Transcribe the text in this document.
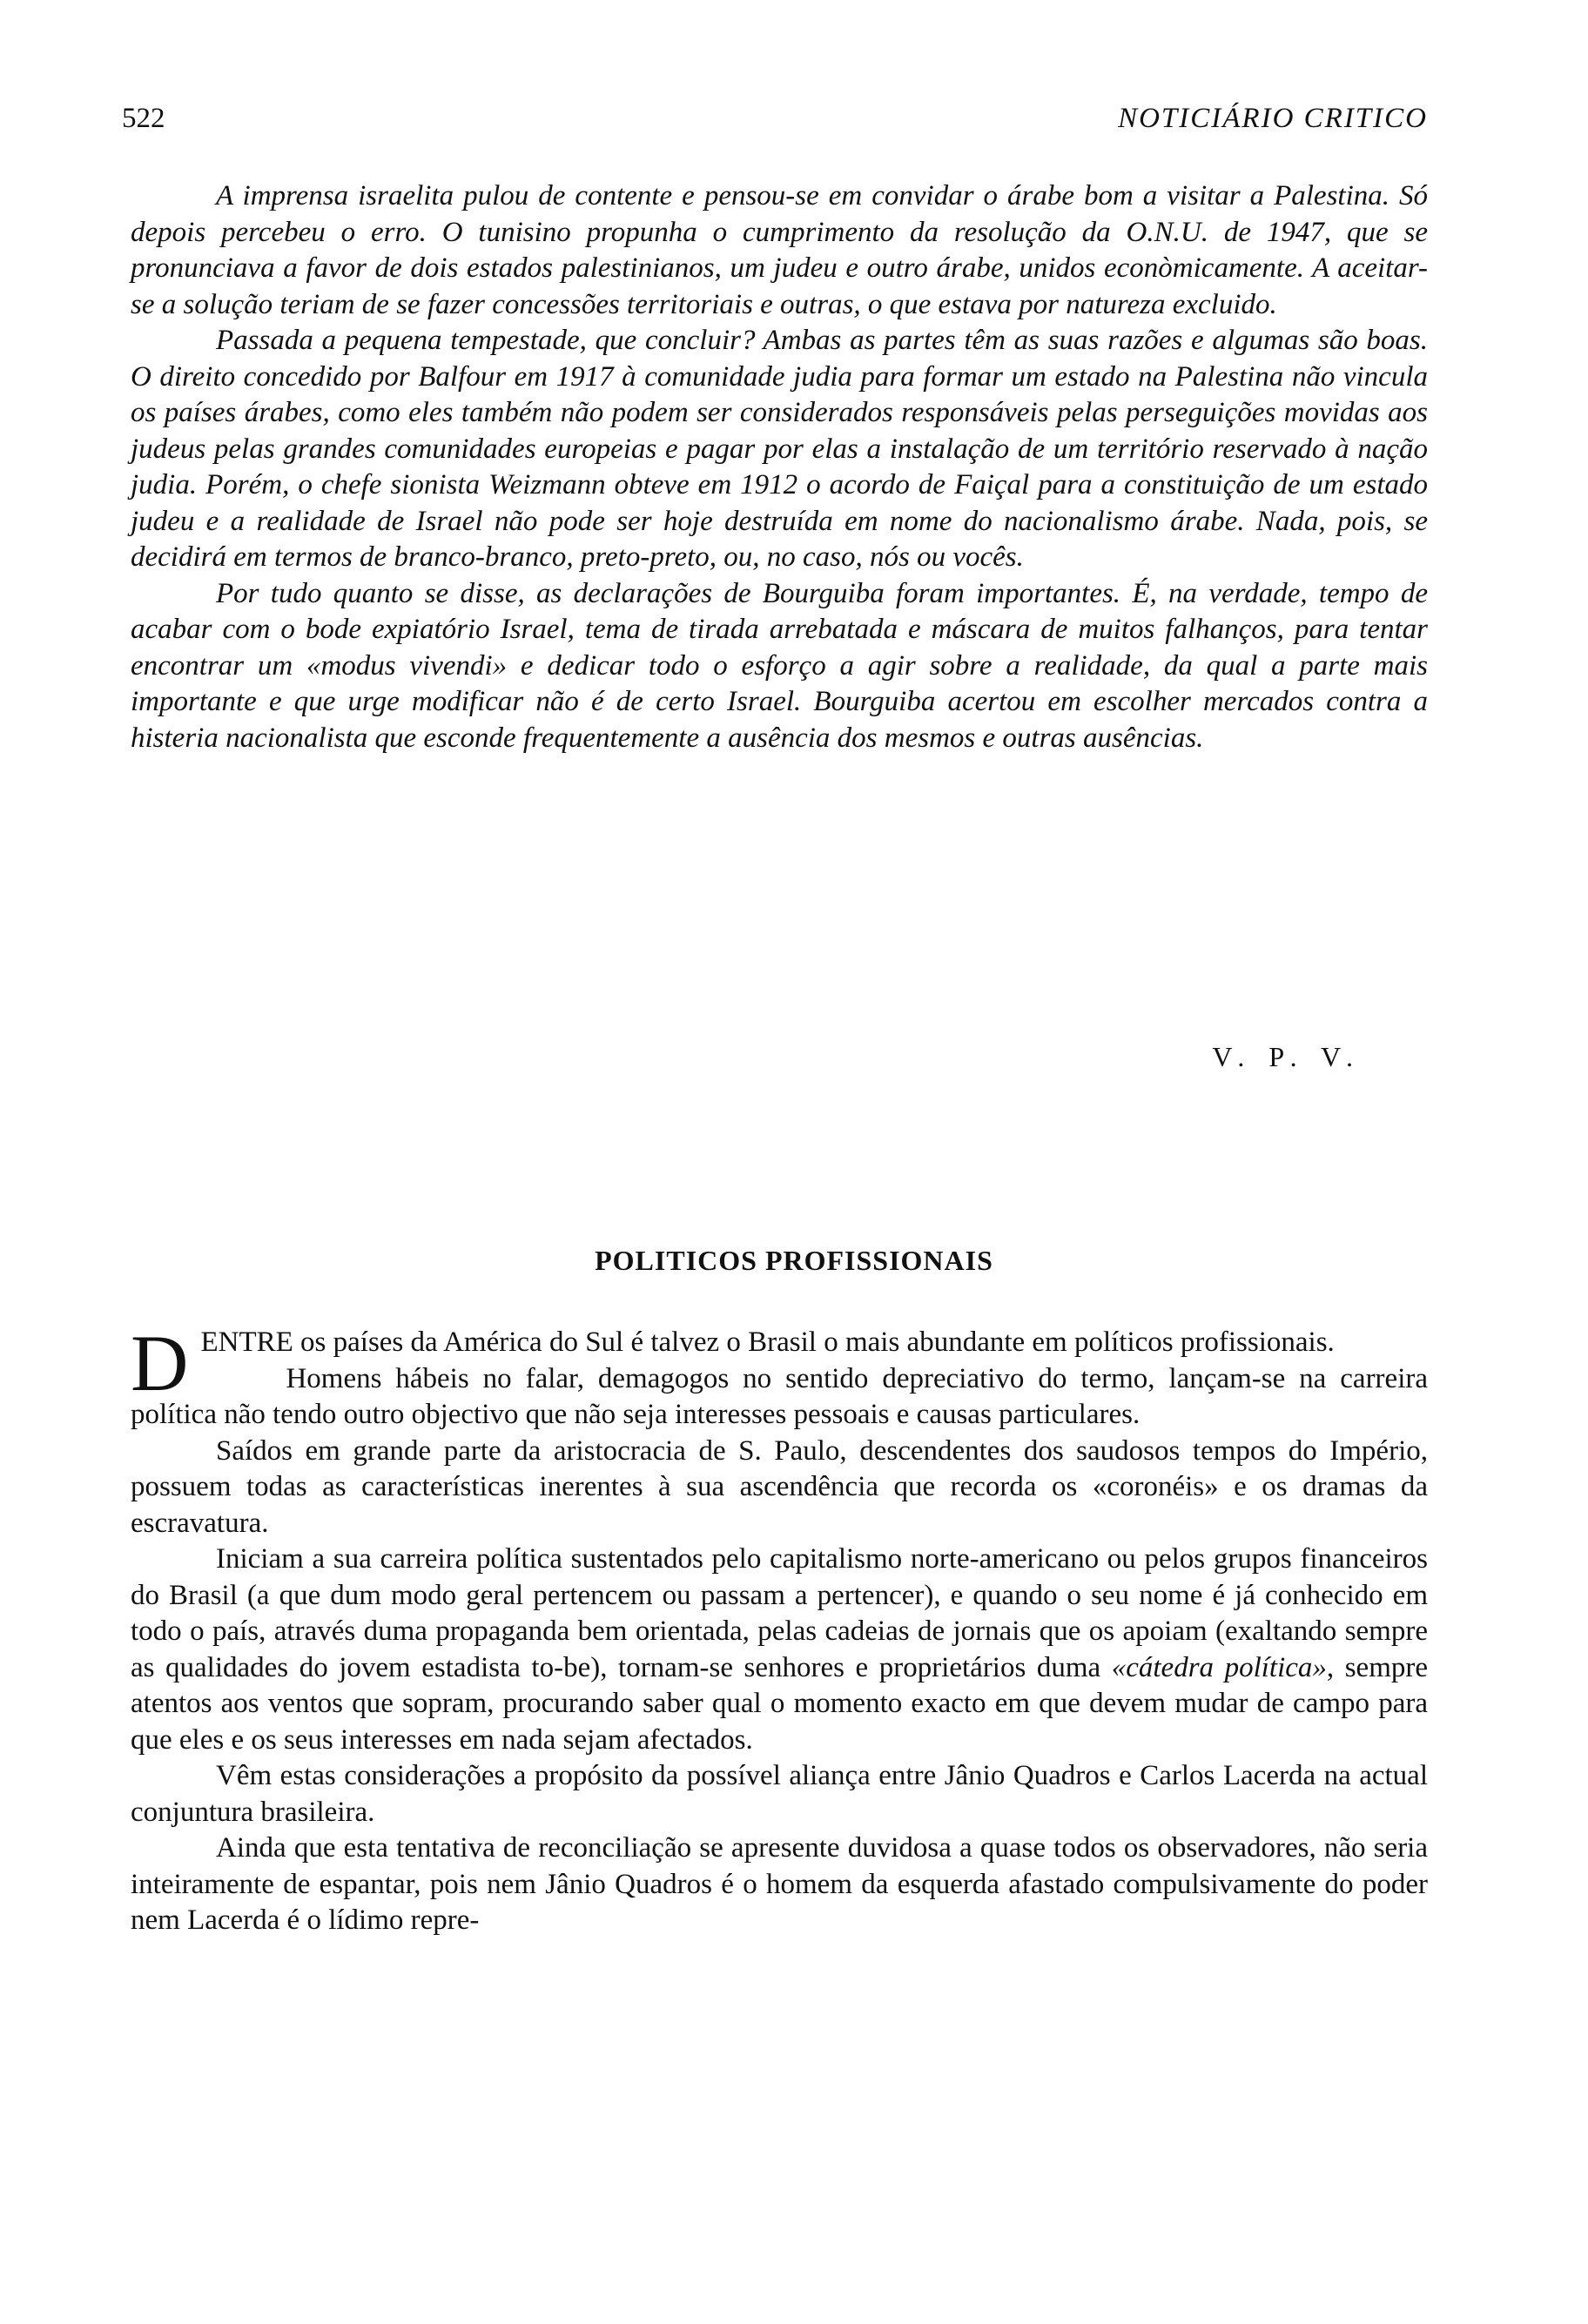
522	NOTICIÁRIO CRITICO

A imprensa israelita pulou de contente e pensou-se em convidar o árabe bom a visitar a Palestina. Só depois percebeu o erro. O tunisino propunha o cumprimento da resolução da O.N.U. de 1947, que se pronunciava a favor de dois estados palestinianos, um judeu e outro árabe, unidos econòmicamente. A aceitar-se a solução teriam de se fazer concessões territoriais e outras, o que estava por natureza excluido.

Passada a pequena tempestade, que concluir? Ambas as partes têm as suas razões e algumas são boas. O direito concedido por Balfour em 1917 à comunidade judia para formar um estado na Palestina não vincula os países árabes, como eles também não podem ser considerados responsáveis pelas perseguições movidas aos judeus pelas grandes comunidades europeias e pagar por elas a instalação de um território reservado à nação judia. Porém, o chefe sionista Weizmann obteve em 1912 o acordo de Faiçal para a constituição de um estado judeu e a realidade de Israel não pode ser hoje destruída em nome do nacionalismo árabe. Nada, pois, se decidirá em termos de branco-branco, preto-preto, ou, no caso, nós ou vocês.

Por tudo quanto se disse, as declarações de Bourguiba foram importantes. É, na verdade, tempo de acabar com o bode expiatório Israel, tema de tirada arrebatada e máscara de muitos falhanços, para tentar encontrar um «modus vivendi» e dedicar todo o esforço a agir sobre a realidade, da qual a parte mais importante e que urge modificar não é de certo Israel. Bourguiba acertou em escolher mercados contra a histeria nacionalista que esconde frequentemente a ausência dos mesmos e outras ausências.

V. P. V.
POLITICOS PROFISSIONAIS

DENTRE os países da América do Sul é talvez o Brasil o mais abundante em políticos profissionais.

Homens hábeis no falar, demagogos no sentido depreciativo do termo, lançam-se na carreira política não tendo outro objectivo que não seja interesses pessoais e causas particulares.

Saídos em grande parte da aristocracia de S. Paulo, descendentes dos saudosos tempos do Império, possuem todas as características inerentes à sua ascendência que recorda os «coronéis» e os dramas da escravatura.

Iniciam a sua carreira política sustentados pelo capitalismo norte-americano ou pelos grupos financeiros do Brasil (a que dum modo geral pertencem ou passam a pertencer), e quando o seu nome é já conhecido em todo o país, através duma propaganda bem orientada, pelas cadeias de jornais que os apoiam (exaltando sempre as qualidades do jovem estadista to-be), tornam-se senhores e proprietários duma «cátedra política», sempre atentos aos ventos que sopram, procurando saber qual o momento exacto em que devem mudar de campo para que eles e os seus interesses em nada sejam afectados.

Vêm estas considerações a propósito da possível aliança entre Jânio Quadros e Carlos Lacerda na actual conjuntura brasileira.

Ainda que esta tentativa de reconciliação se apresente duvidosa a quase todos os observadores, não seria inteiramente de espantar, pois nem Jânio Quadros é o homem da esquerda afastado compulsivamente do poder nem Lacerda é o lídimo repre-
